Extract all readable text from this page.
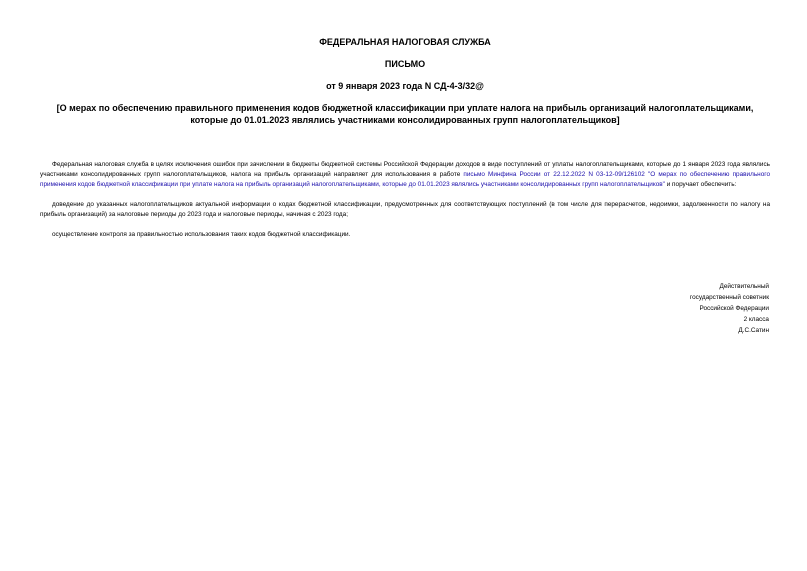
ФЕДЕРАЛЬНАЯ НАЛОГОВАЯ СЛУЖБА

ПИСЬМО

от 9 января 2023 года N СД-4-3/32@

[О мерах по обеспечению правильного применения кодов бюджетной классификации при уплате налога на прибыль организаций налогоплательщиками, которые до 01.01.2023 являлись участниками консолидированных групп налогоплательщиков]

Федеральная налоговая служба в целях исключения ошибок при зачислении в бюджеты бюджетной системы Российской Федерации доходов в виде поступлений от уплаты налогоплательщиками, которые до 1 января 2023 года являлись участниками консолидированных групп налогоплательщиков, налога на прибыль организаций направляет для использования в работе письмо Минфина России от 22.12.2022 N 03-12-09/126102 "О мерах по обеспечению правильного применения кодов бюджетной классификации при уплате налога на прибыль организаций налогоплательщиками, которые до 01.01.2023 являлись участниками консолидированных групп налогоплательщиков" и поручает обеспечить:

доведение до указанных налогоплательщиков актуальной информации о кодах бюджетной классификации, предусмотренных для соответствующих поступлений (в том числе для перерасчетов, недоимки, задолженности по налогу на прибыль организаций) за налоговые периоды до 2023 года и налоговые периоды, начиная с 2023 года;

осуществление контроля за правильностью использования таких кодов бюджетной классификации.

Действительный
государственный советник
Российской Федерации
2 класса
Д.С.Сатин
